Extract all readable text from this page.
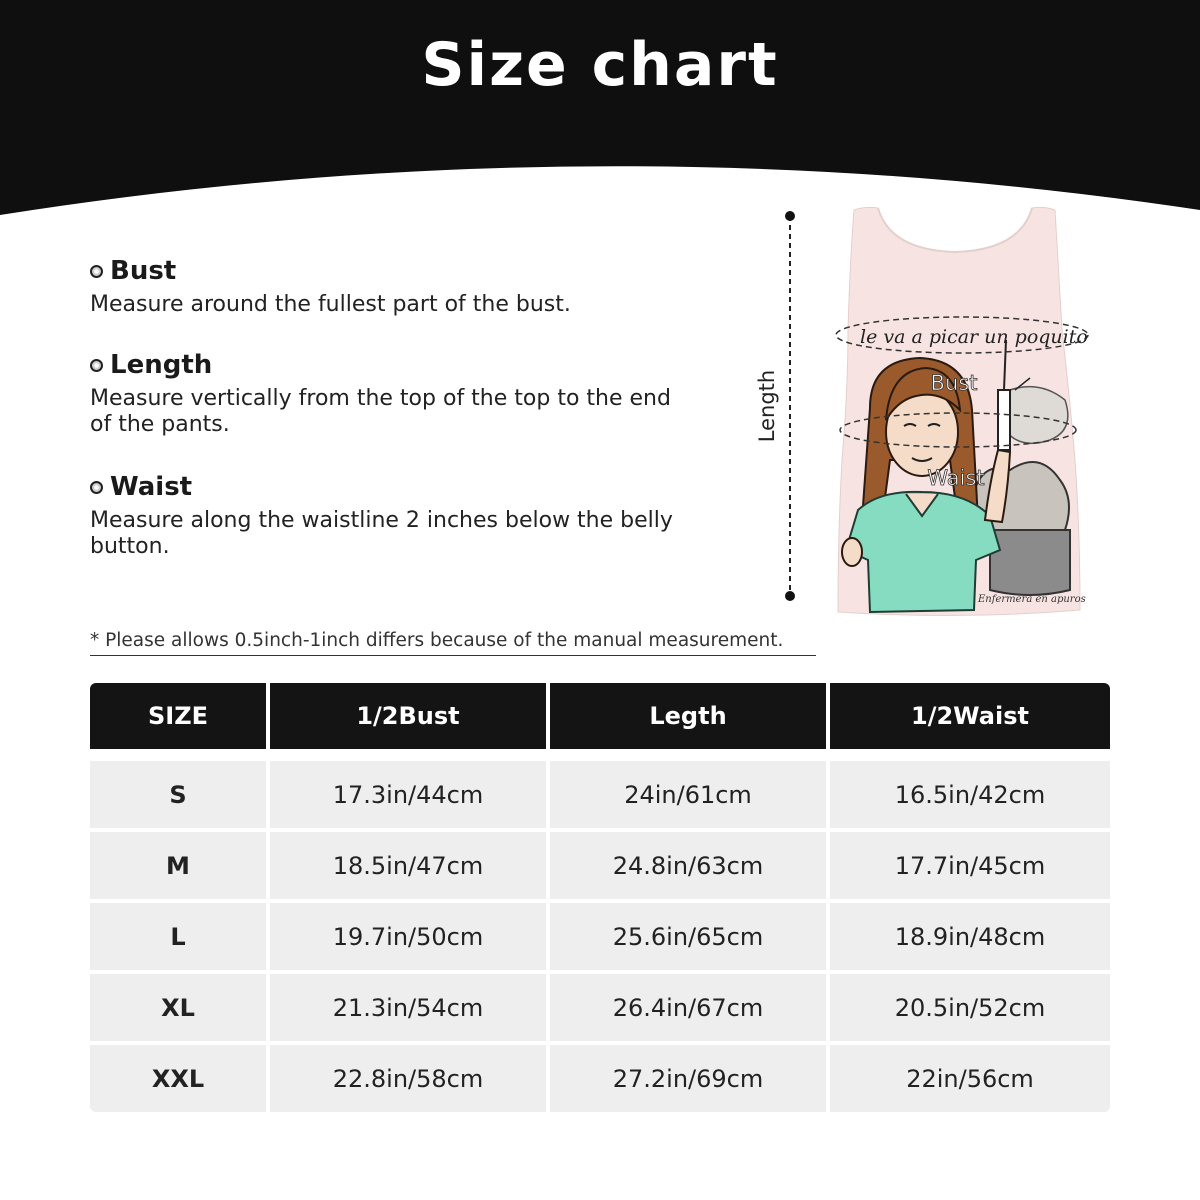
Size chart
Bust
Measure around the fullest part of the bust.
Length
Measure vertically from the top of the top to the end of the pants.
Waist
Measure along the waistline 2 inches below the belly button.
Length
le va a picar un poquito
Bust
Waist
Enfermera en apuros
* Please allows 0.5inch-1inch differs because of the manual measurement.
SIZE	1/2Bust	Legth	1/2Waist
S	17.3in/44cm	24in/61cm	16.5in/42cm
M	18.5in/47cm	24.8in/63cm	17.7in/45cm
L	19.7in/50cm	25.6in/65cm	18.9in/48cm
XL	21.3in/54cm	26.4in/67cm	20.5in/52cm
XXL	22.8in/58cm	27.2in/69cm	22in/56cm
